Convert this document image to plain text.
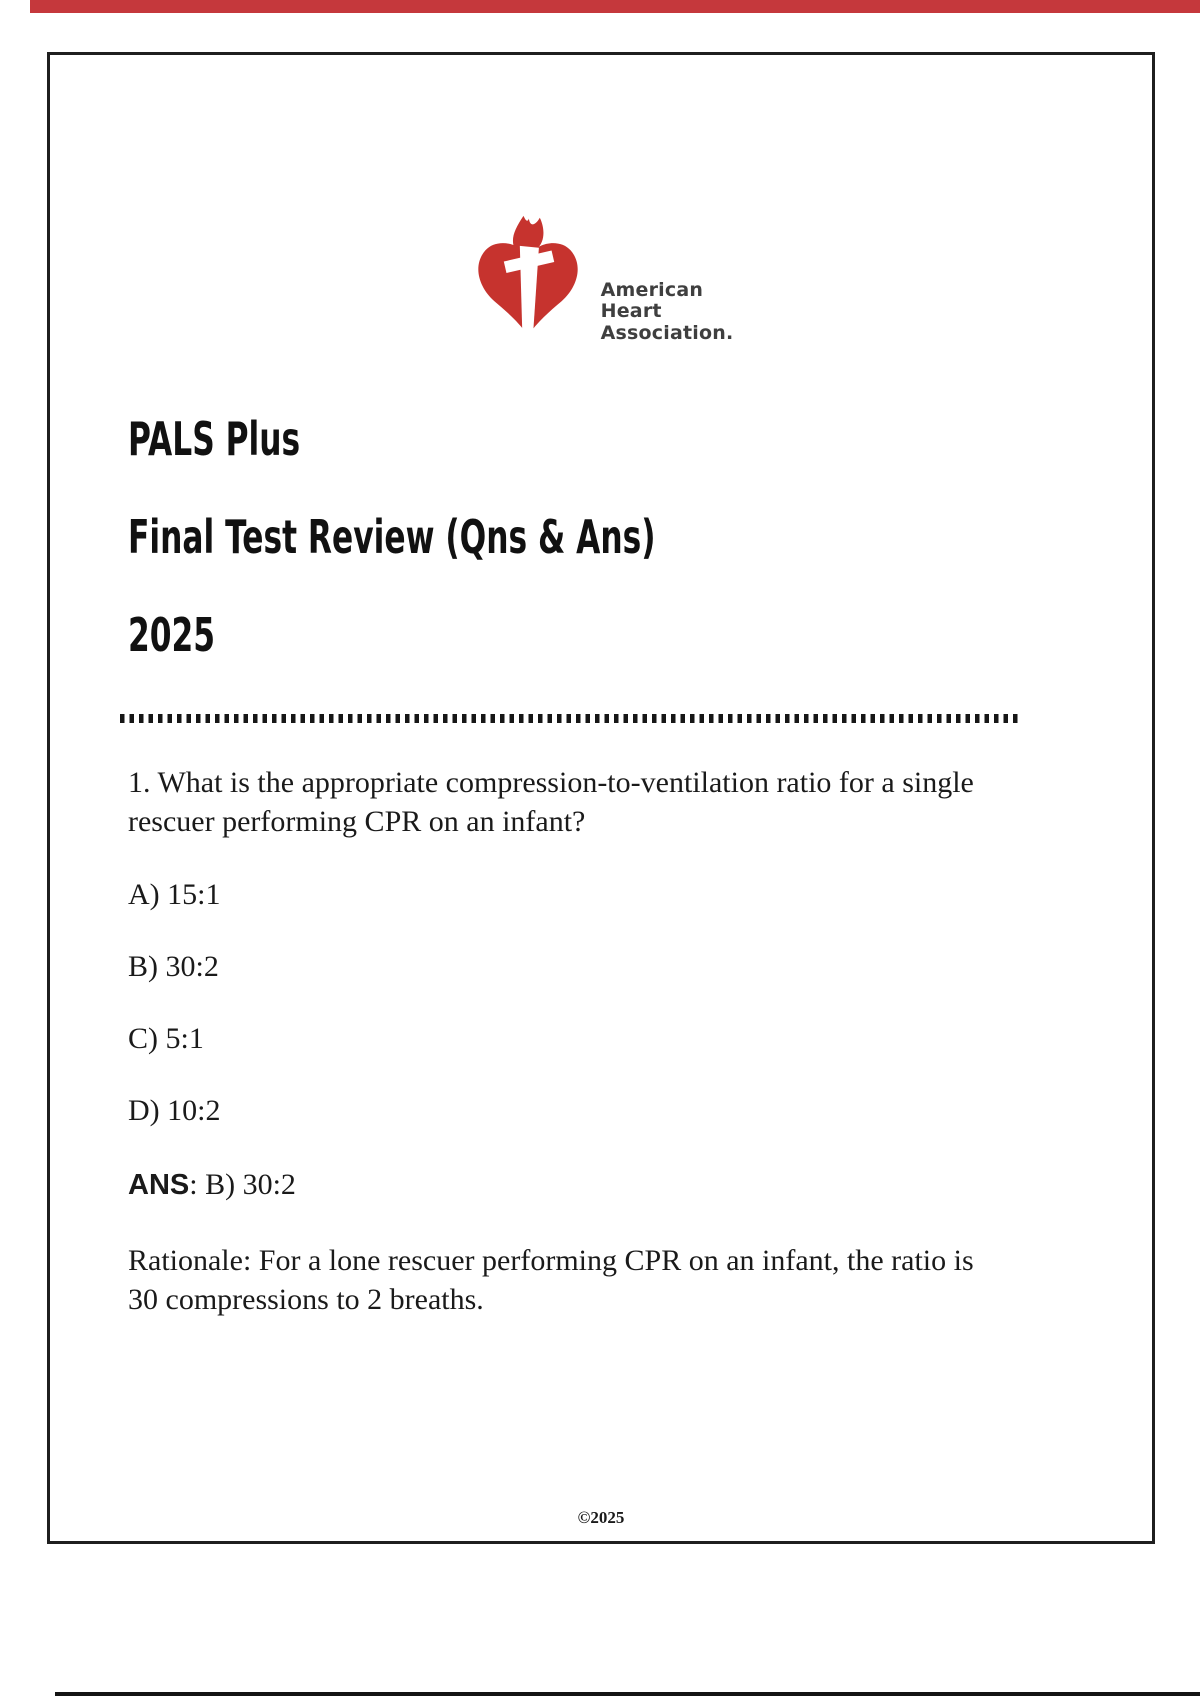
American
Heart
Association.
PALS Plus
Final Test Review (Qns & Ans)
2025
1. What is the appropriate compression-to-ventilation ratio for a single rescuer performing CPR on an infant?
A) 15:1
B) 30:2
C) 5:1
D) 10:2
ANS: B) 30:2
Rationale: For a lone rescuer performing CPR on an infant, the ratio is 30 compressions to 2 breaths.
©2025
